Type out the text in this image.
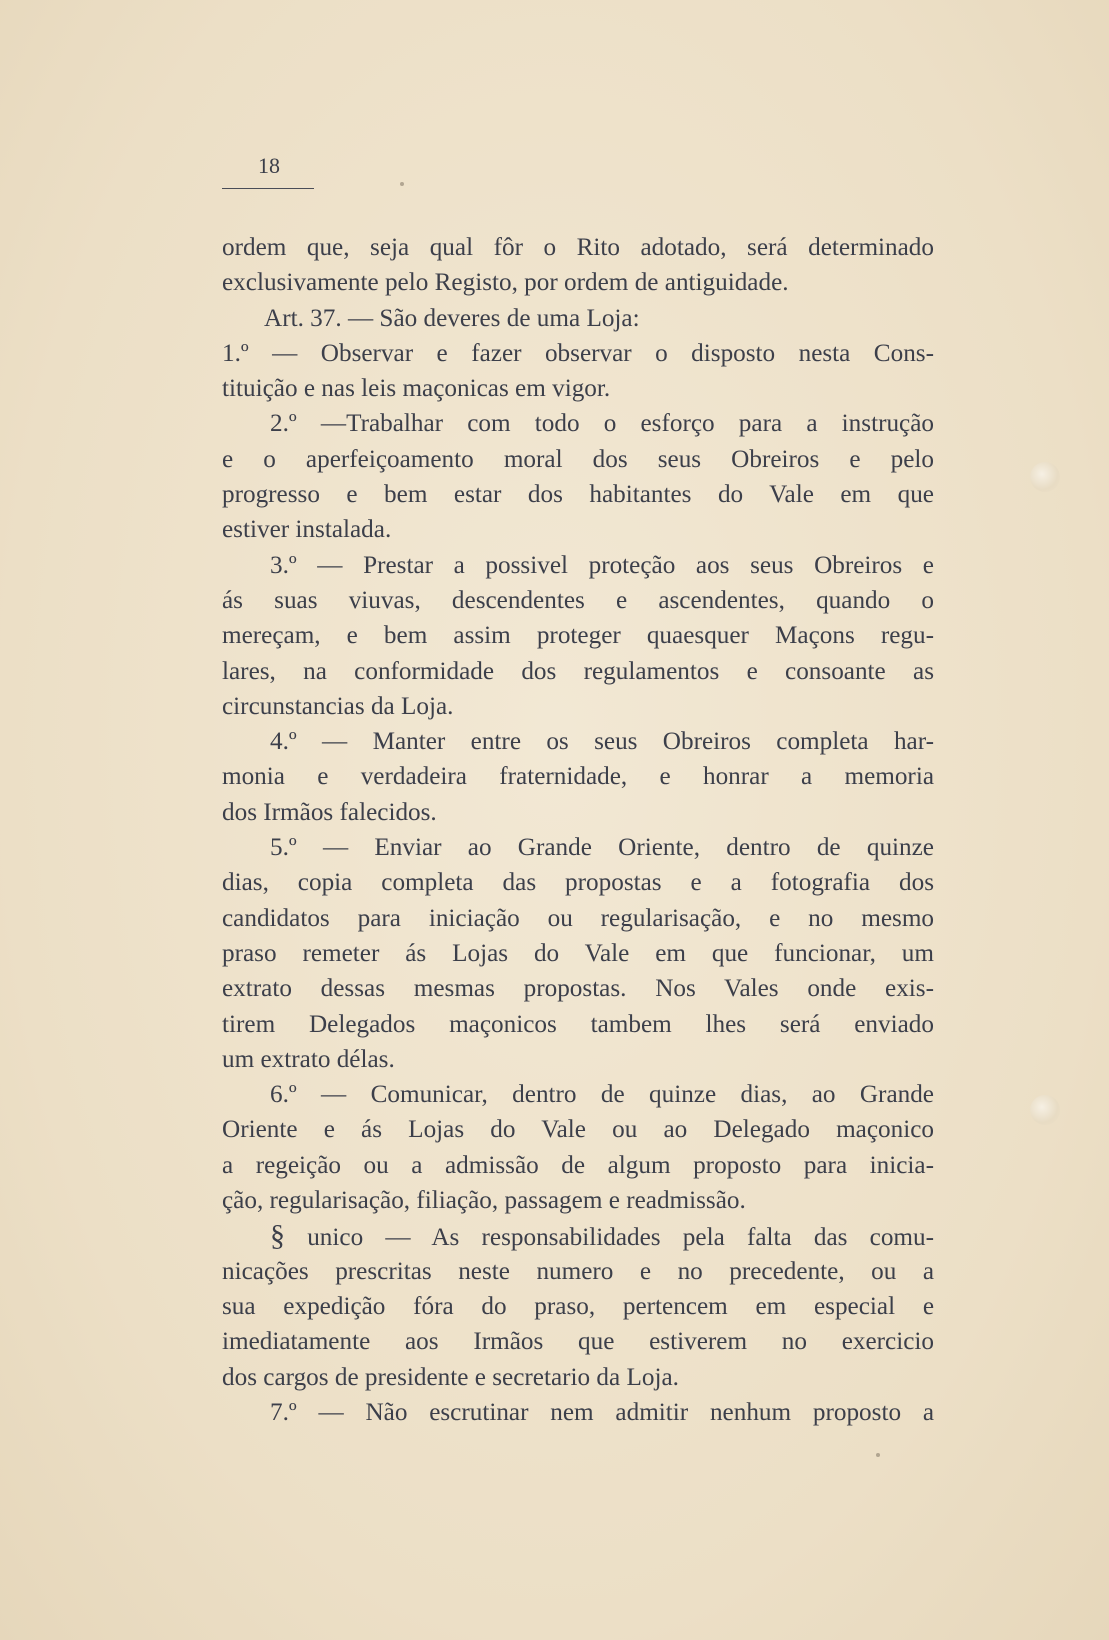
18
ordem que, seja qual fôr o Rito adotado, será determinado
exclusivamente pelo Registo, por ordem de antiguidade.
Art. 37. — São deveres de uma Loja:
1.º — Observar e fazer observar o disposto nesta Cons-
tituição e nas leis maçonicas em vigor.
2.º —Trabalhar com todo o esforço para a instrução
e o aperfeiçoamento moral dos seus Obreiros e pelo
progresso e bem estar dos habitantes do Vale em que
estiver instalada.
3.º — Prestar a possivel proteção aos seus Obreiros e
ás suas viuvas, descendentes e ascendentes, quando o
mereçam, e bem assim proteger quaesquer Maçons regu-
lares, na conformidade dos regulamentos e consoante as
circunstancias da Loja.
4.º — Manter entre os seus Obreiros completa har-
monia e verdadeira fraternidade, e honrar a memoria
dos Irmãos falecidos.
5.º — Enviar ao Grande Oriente, dentro de quinze
dias, copia completa das propostas e a fotografia dos
candidatos para iniciação ou regularisação, e no mesmo
praso remeter ás Lojas do Vale em que funcionar, um
extrato dessas mesmas propostas. Nos Vales onde exis-
tirem Delegados maçonicos tambem lhes será enviado
um extrato délas.
6.º — Comunicar, dentro de quinze dias, ao Grande
Oriente e ás Lojas do Vale ou ao Delegado maçonico
a regeição ou a admissão de algum proposto para inicia-
ção, regularisação, filiação, passagem e readmissão.
§ unico — As responsabilidades pela falta das comu-
nicações prescritas neste numero e no precedente, ou a
sua expedição fóra do praso, pertencem em especial e
imediatamente aos Irmãos que estiverem no exercicio
dos cargos de presidente e secretario da Loja.
7.º — Não escrutinar nem admitir nenhum proposto a
